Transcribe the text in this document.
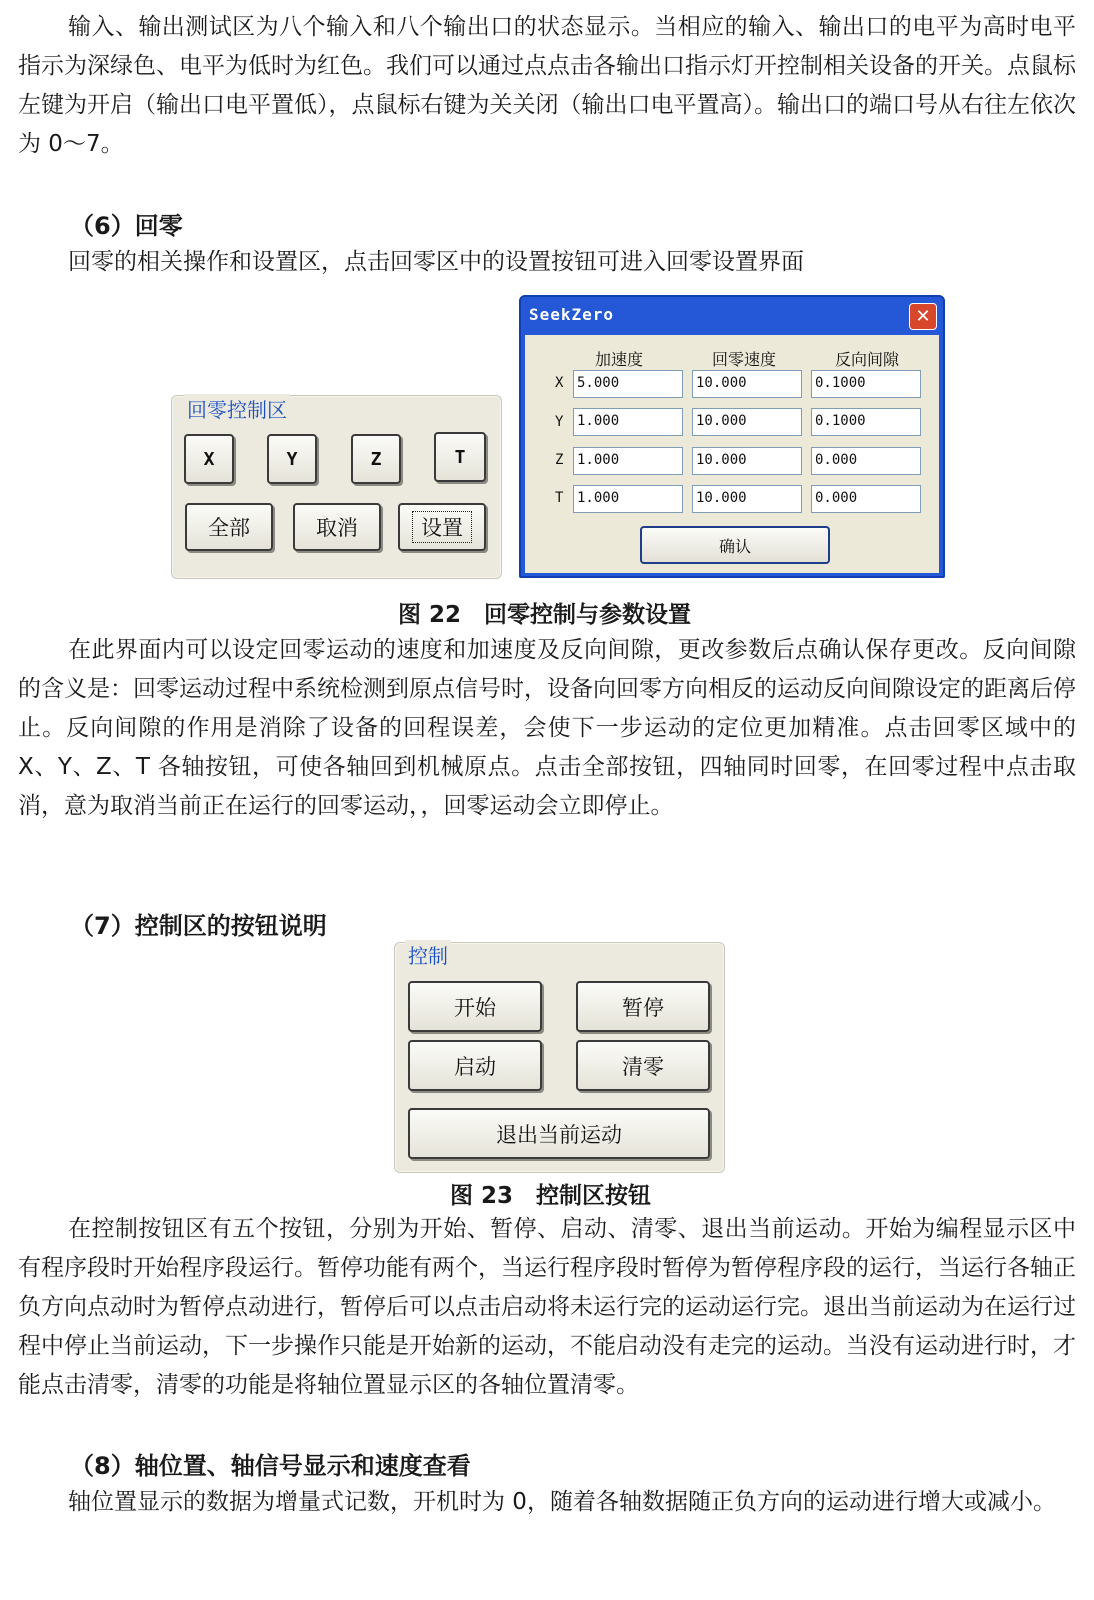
输入、输出测试区为八个输入和八个输出口的状态显示。当相应的输入、输出口的电平为高时电平指示为深绿色、电平为低时为红色。我们可以通过点点击各输出口指示灯开控制相关设备的开关。点鼠标左键为开启（输出口电平置低），点鼠标右键为关关闭（输出口电平置高）。输出口的端口号从右往左依次为 0～7。

（6）回零

回零的相关操作和设置区，点击回零区中的设置按钮可进入回零设置界面

回零控制区
X	Y	Z	T
全部	取消	设置
SeekZero	✕
加速度	回零速度	反向间隙
X 5.000	10.000	0.1000
Y 1.000	10.000	0.1000
Z 1.000	10.000	0.000
T 1.000	10.000	0.000
确认

图 22　回零控制与参数设置

在此界面内可以设定回零运动的速度和加速度及反向间隙，更改参数后点确认保存更改。反向间隙的含义是：回零运动过程中系统检测到原点信号时，设备向回零方向相反的运动反向间隙设定的距离后停止。反向间隙的作用是消除了设备的回程误差，会使下一步运动的定位更加精准。点击回零区域中的 X、Y、Z、T 各轴按钮，可使各轴回到机械原点。点击全部按钮，四轴同时回零，在回零过程中点击取消，意为取消当前正在运行的回零运动，，回零运动会立即停止。

（7）控制区的按钮说明

控制
开始	暂停
启动	清零
退出当前运动

图 23　控制区按钮

在控制按钮区有五个按钮，分别为开始、暂停、启动、清零、退出当前运动。开始为编程显示区中有程序段时开始程序段运行。暂停功能有两个，当运行程序段时暂停为暂停程序段的运行，当运行各轴正负方向点动时为暂停点动进行，暂停后可以点击启动将未运行完的运动运行完。退出当前运动为在运行过程中停止当前运动，下一步操作只能是开始新的运动，不能启动没有走完的运动。当没有运动进行时，才能点击清零，清零的功能是将轴位置显示区的各轴位置清零。

（8）轴位置、轴信号显示和速度查看

轴位置显示的数据为增量式记数，开机时为 0，随着各轴数据随正负方向的运动进行增大或减小。
